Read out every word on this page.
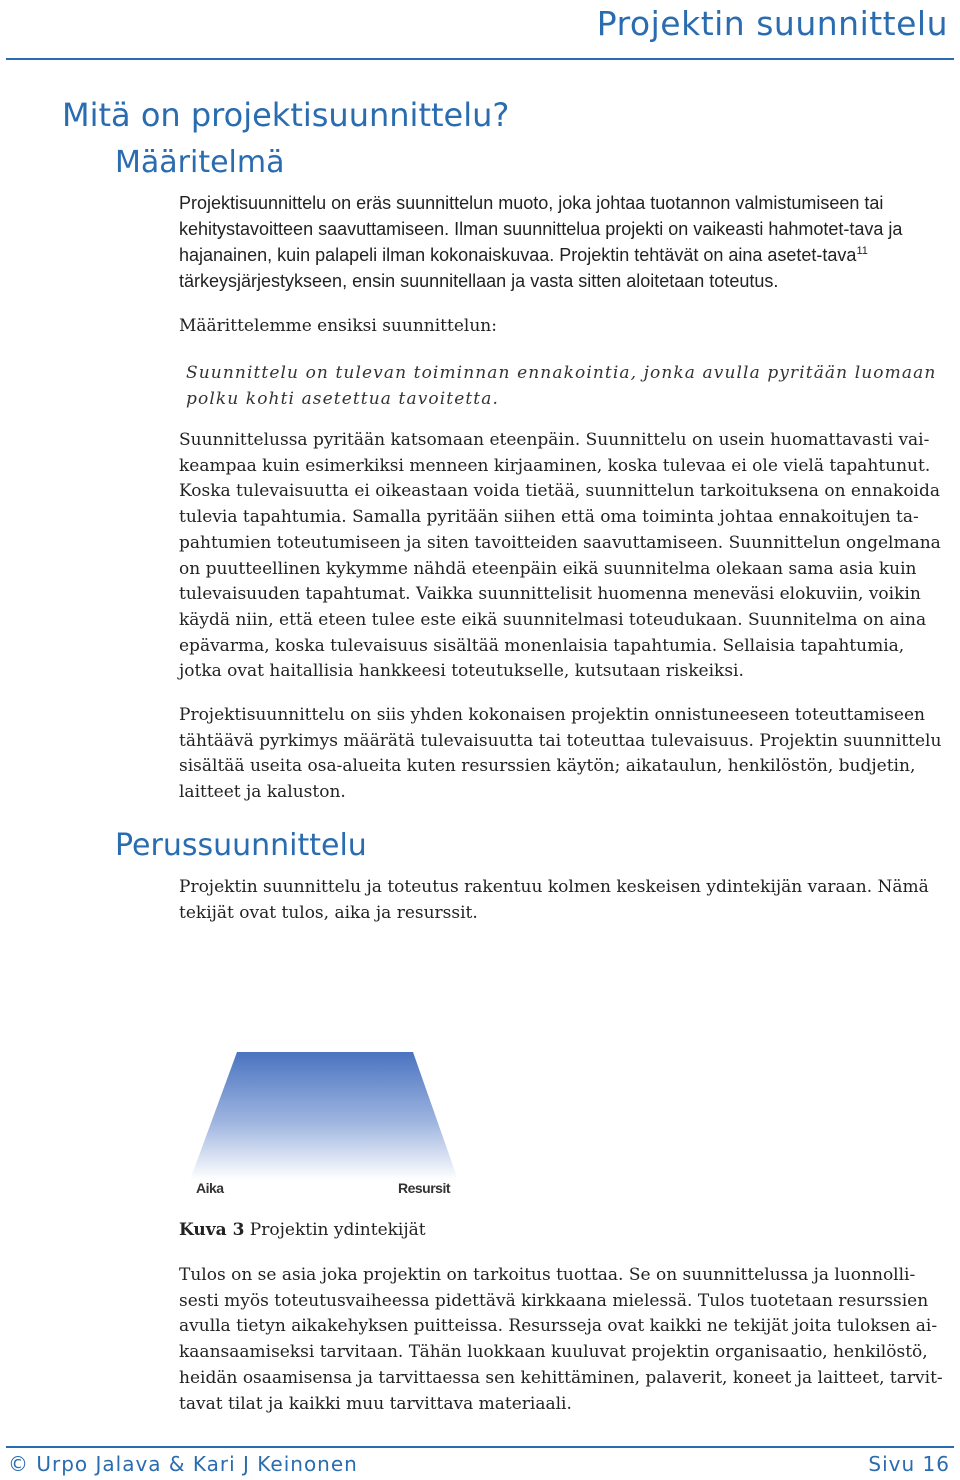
Projektin suunnittelu
Mitä on projektisuunnittelu?
Määritelmä

Projektisuunnittelu on eräs suunnittelun muoto, joka johtaa tuotannon valmistumiseen tai kehitystavoitteen saavuttamiseen. Ilman suunnittelua projekti on vaikeasti hahmotet-tava ja hajanainen, kuin palapeli ilman kokonaiskuvaa. Projektin tehtävät on aina asetet-tava$^{11}$ tärkeysjärjestykseen, ensin suunnitellaan ja vasta sitten aloitetaan toteutus.

Määrittelemme ensiksi suunnittelun:

Suunnittelu on tulevan toiminnan ennakointia, jonka avulla pyritään luomaan polku kohti asetettua tavoitetta.

Suunnittelussa pyritään katsomaan eteenpäin. Suunnittelu on usein huomattavasti vai-keampaa kuin esimerkiksi menneen kirjaaminen, koska tulevaa ei ole vielä tapahtunut. Koska tulevaisuutta ei oikeastaan voida tietää, suunnittelun tarkoituksena on ennakoida tulevia tapahtumia. Samalla pyritään siihen että oma toiminta johtaa ennakoitujen ta-pahtumien toteutumiseen ja siten tavoitteiden saavuttamiseen. Suunnittelun ongelmana on puutteellinen kykymme nähdä eteenpäin eikä suunnitelma olekaan sama asia kuin tulevaisuuden tapahtumat. Vaikka suunnittelisit huomenna meneväsi elokuviin, voikin käydä niin, että eteen tulee este eikä suunnitelmasi toteudukaan. Suunnitelma on aina epävarma, koska tulevaisuus sisältää monenlaisia tapahtumia. Sellaisia tapahtumia, jotka ovat haitallisia hankkeesi toteutukselle, kutsutaan riskeiksi.

Projektisuunnittelu on siis yhden kokonaisen projektin onnistuneeseen toteuttamiseen tähtäävä pyrkimys määrätä tulevaisuutta tai toteuttaa tulevaisuus. Projektin suunnittelu sisältää useita osa-alueita kuten resurssien käytön; aikataulun, henkilöstön, budjetin, laitteet ja kaluston.

Perussuunnittelu

Projektin suunnittelu ja toteutus rakentuu kolmen keskeisen ydintekijän varaan. Nämä tekijät ovat tulos, aika ja resurssit.

Aika	Resursit

Kuva 3 Projektin ydintekijät

Tulos on se asia joka projektin on tarkoitus tuottaa. Se on suunnittelussa ja luonnolli-sesti myös toteutusvaiheessa pidettävä kirkkaana mielessä. Tulos tuotetaan resurssien avulla tietyn aikakehyksen puitteissa. Resursseja ovat kaikki ne tekijät joita tuloksen ai-kaansaamiseksi tarvitaan. Tähän luokkaan kuuluvat projektin organisaatio, henkilöstö, heidän osaamisensa ja tarvittaessa sen kehittäminen, palaverit, koneet ja laitteet, tarvit-tavat tilat ja kaikki muu tarvittava materiaali.

© Urpo Jalava & Kari J Keinonen	Sivu 16
